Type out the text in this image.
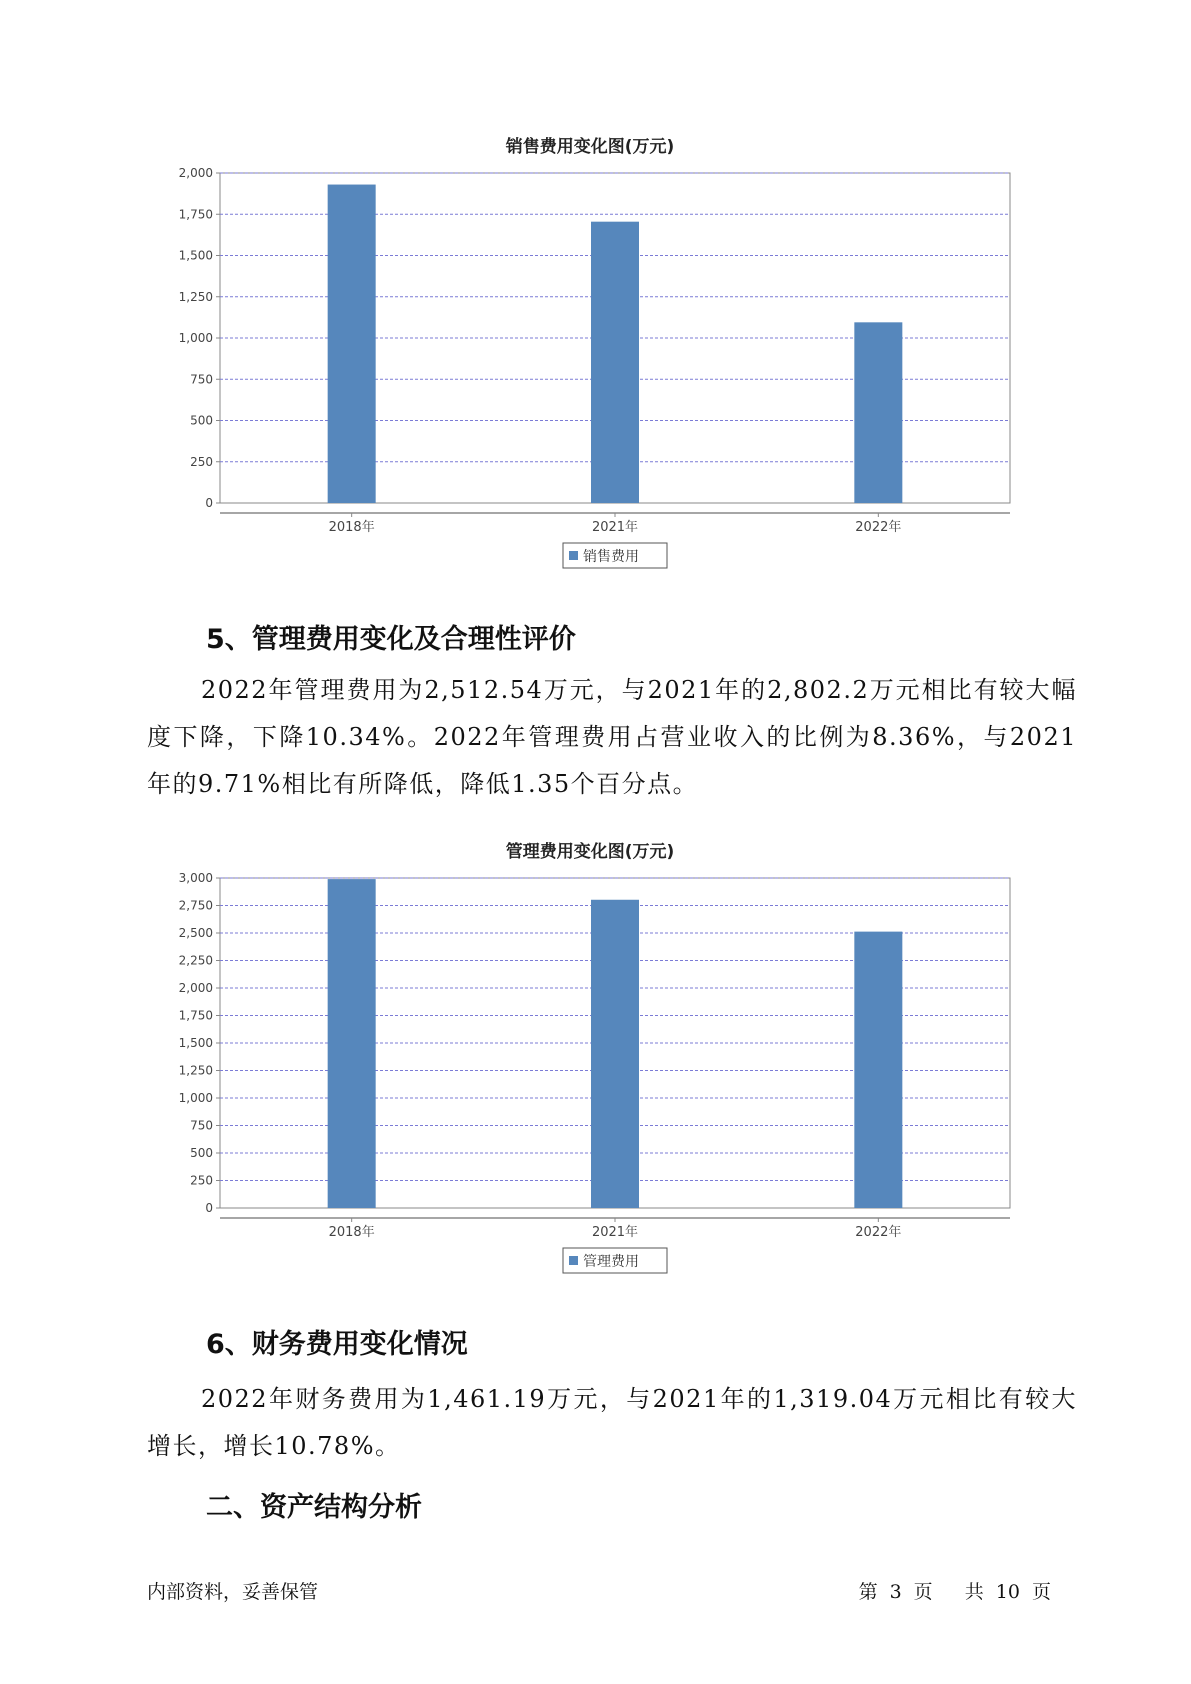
销售费用变化图(万元)
0
250
500
750
1,000
1,250
1,500
1,750
2,000
2018年	2021年	2022年
销售费用
5、管理费用变化及合理性评价

2022年管理费用为2,512.54万元，与2021年的2,802.2万元相比有较大幅度下降，下降10.34%。2022年管理费用占营业收入的比例为8.36%，与2021年的9.71%相比有所降低，降低1.35个百分点。

管理费用变化图(万元)
0
250
500
750
1,000
1,250
1,500
1,750
2,000
2,250
2,500
2,750
3,000
2018年	2021年	2022年
管理费用
6、财务费用变化情况

2022年财务费用为1,461.19万元，与2021年的1,319.04万元相比有较大增长，增长10.78%。

二、资产结构分析
内部资料，妥善保管	第 3 页 共 10 页
